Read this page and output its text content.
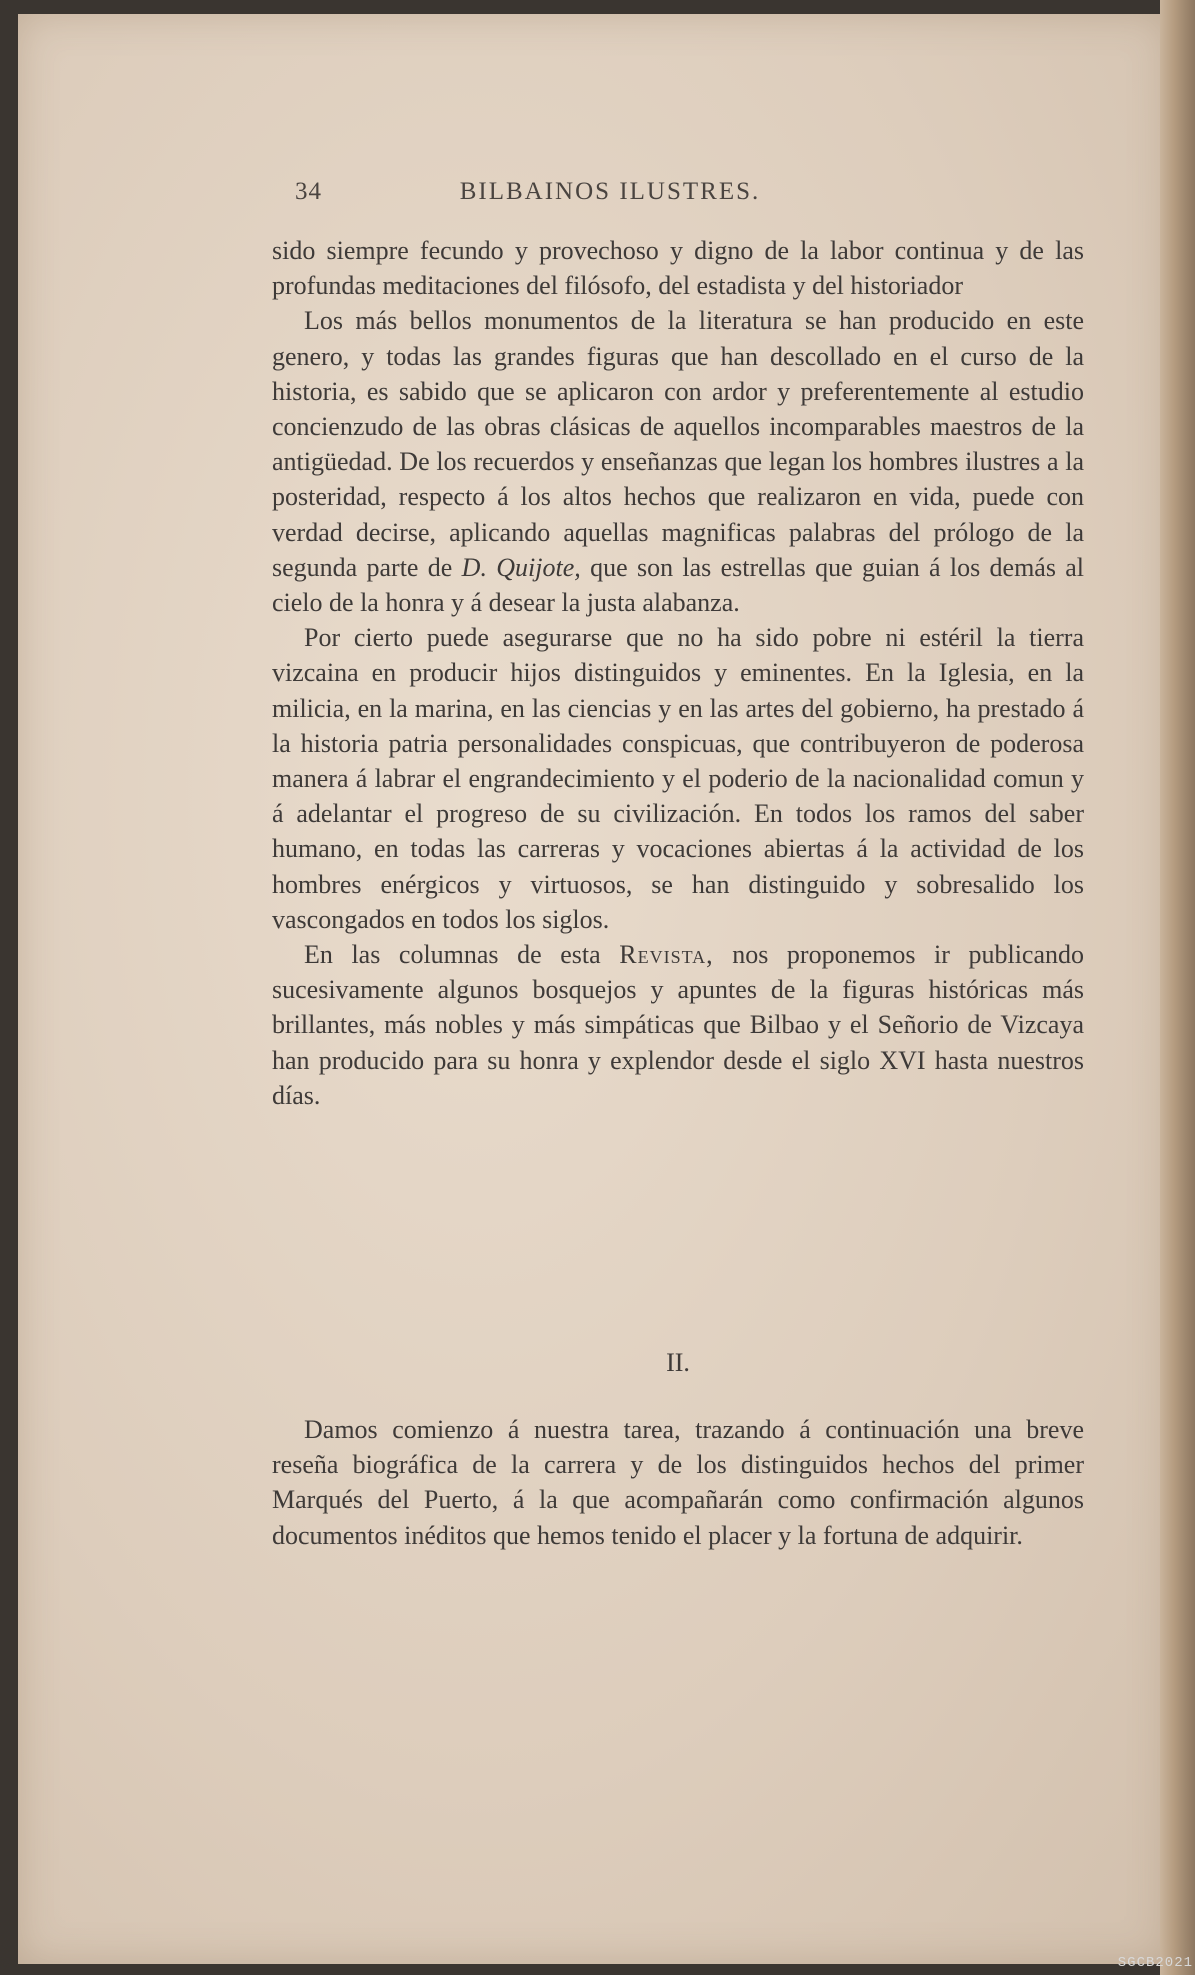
34	BILBAINOS ILUSTRES.

sido siempre fecundo y provechoso y digno de la labor continua y de las profundas meditaciones del filósofo, del estadista y del historiador

Los más bellos monumentos de la literatura se han producido en este genero, y todas las grandes figuras que han descollado en el curso de la historia, es sabido que se aplicaron con ardor y preferentemente al estudio concienzudo de las obras clásicas de aquellos incomparables maestros de la antigüedad. De los recuerdos y enseñanzas que legan los hombres ilustres a la posteridad, respecto á los altos hechos que realizaron en vida, puede con verdad decirse, aplicando aquellas magnificas palabras del prólogo de la segunda parte de D. Quijote, que son las estrellas que guian á los demás al cielo de la honra y á desear la justa alabanza.

Por cierto puede asegurarse que no ha sido pobre ni estéril la tierra vizcaina en producir hijos distinguidos y eminentes. En la Iglesia, en la milicia, en la marina, en las ciencias y en las artes del gobierno, ha prestado á la historia patria personalidades conspicuas, que contribuyeron de poderosa manera á labrar el engrandecimiento y el poderio de la nacionalidad comun y á adelantar el progreso de su civilización. En todos los ramos del saber humano, en todas las carreras y vocaciones abiertas á la actividad de los hombres enérgicos y virtuosos, se han distinguido y sobresalido los vascongados en todos los siglos.

En las columnas de esta Revista, nos proponemos ir publicando sucesivamente algunos bosquejos y apuntes de la figuras históricas más brillantes, más nobles y más simpáticas que Bilbao y el Señorio de Vizcaya han producido para su honra y explendor desde el siglo XVI hasta nuestros días.

II.

Damos comienzo á nuestra tarea, trazando á continuación una breve reseña biográfica de la carrera y de los distinguidos hechos del primer Marqués del Puerto, á la que acompañarán como confirmación algunos documentos inéditos que hemos tenido el placer y la fortuna de adquirir.

SGCB2021
